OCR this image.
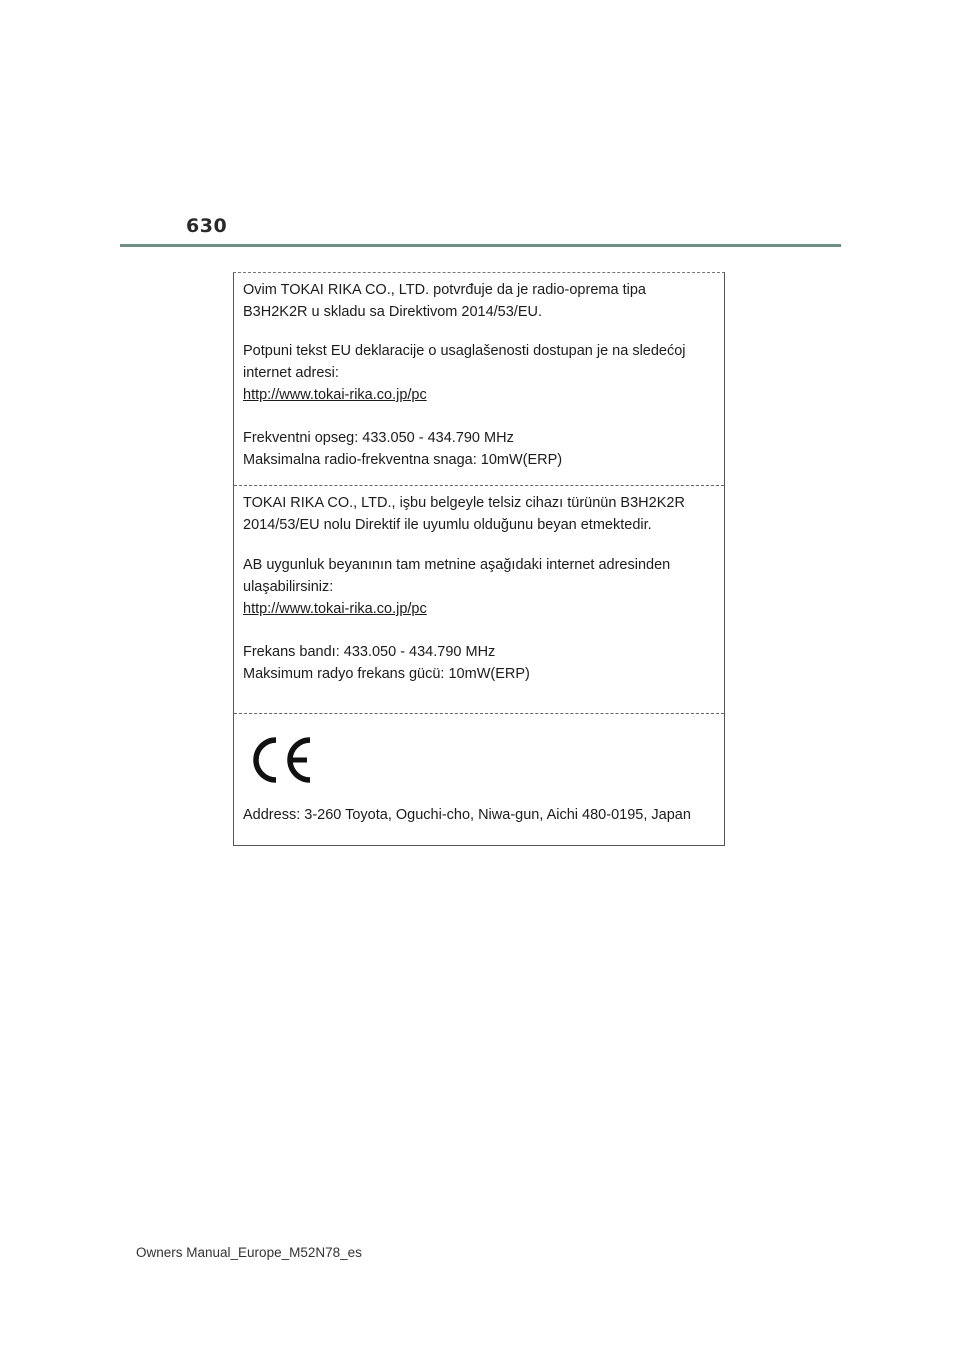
630
Ovim TOKAI RIKA CO., LTD. potvrđuje da je radio-oprema tipa
B3H2K2R u skladu sa Direktivom 2014/53/EU.
Potpuni tekst EU deklaracije o usaglašenosti dostupan je na sledećoj
internet adresi:
http://www.tokai-rika.co.jp/pc
Frekventni opseg: 433.050 - 434.790 MHz
Maksimalna radio-frekventna snaga: 10mW(ERP)
TOKAI RIKA CO., LTD., işbu belgeyle telsiz cihazı türünün B3H2K2R
2014/53/EU nolu Direktif ile uyumlu olduğunu beyan etmektedir.
AB uygunluk beyanının tam metnine aşağıdaki internet adresinden
ulaşabilirsiniz:
http://www.tokai-rika.co.jp/pc
Frekans bandı: 433.050 - 434.790 MHz
Maksimum radyo frekans gücü: 10mW(ERP)
Address: 3-260 Toyota, Oguchi-cho, Niwa-gun, Aichi 480-0195, Japan
Owners Manual_Europe_M52N78_es
